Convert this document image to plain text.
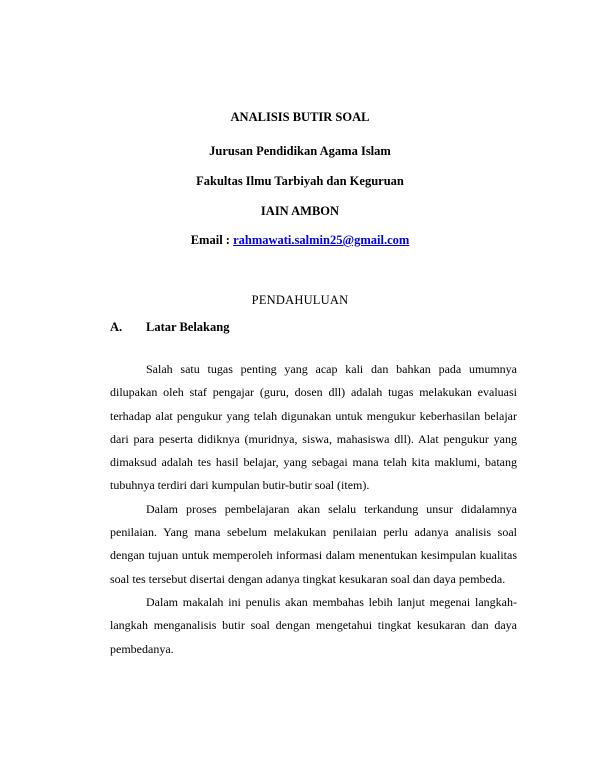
ANALISIS BUTIR SOAL
Jurusan Pendidikan Agama Islam
Fakultas Ilmu Tarbiyah dan Keguruan
IAIN AMBON
Email : rahmawati.salmin25@gmail.com
PENDAHULUAN
A. Latar Belakang

Salah satu tugas penting yang acap kali dan bahkan pada umumnya dilupakan oleh staf pengajar (guru, dosen dll) adalah tugas melakukan evaluasi terhadap alat pengukur yang telah digunakan untuk mengukur keberhasilan belajar dari para peserta didiknya (muridnya, siswa, mahasiswa dll). Alat pengukur yang dimaksud adalah tes hasil belajar, yang sebagai mana telah kita maklumi, batang tubuhnya terdiri dari kumpulan butir-butir soal (item).

Dalam proses pembelajaran akan selalu terkandung unsur didalamnya penilaian. Yang mana sebelum melakukan penilaian perlu adanya analisis soal dengan tujuan untuk memperoleh informasi dalam menentukan kesimpulan kualitas soal tes tersebut disertai dengan adanya tingkat kesukaran soal dan daya pembeda.

Dalam makalah ini penulis akan membahas lebih lanjut megenai langkah-langkah menganalisis butir soal dengan mengetahui tingkat kesukaran dan daya pembedanya.
